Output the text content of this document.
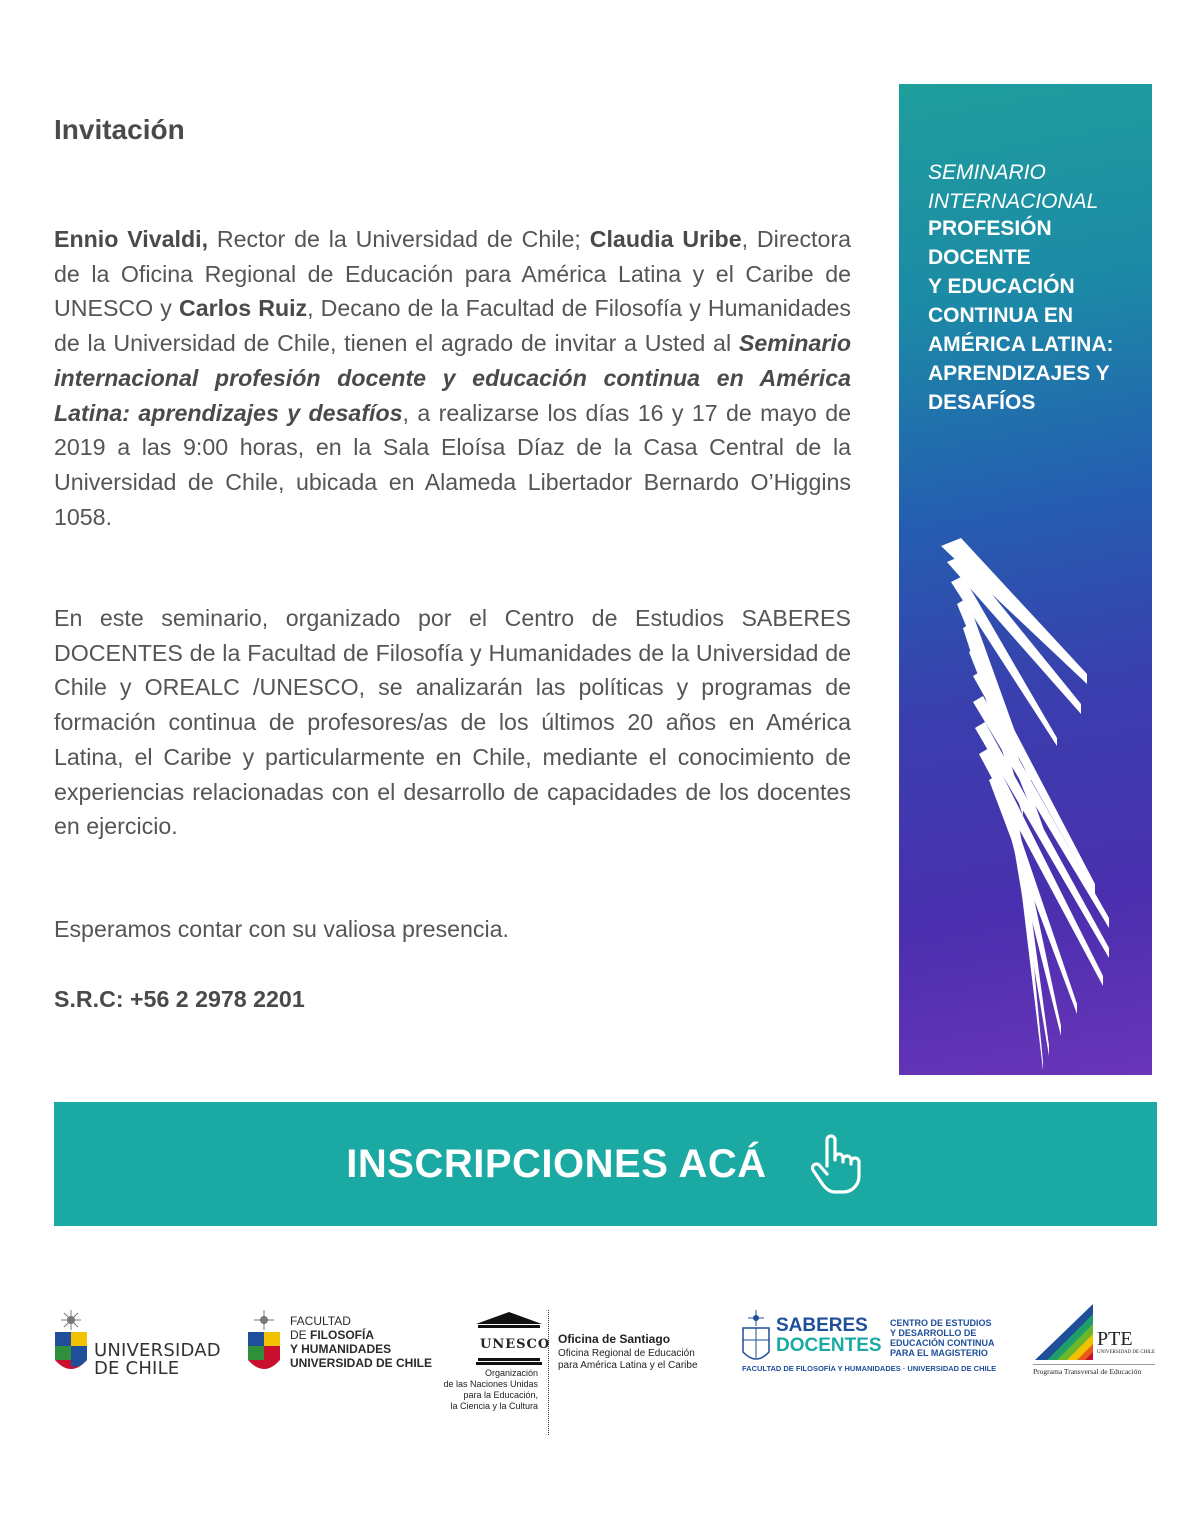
Invitación

Ennio Vivaldi, Rector de la Universidad de Chile; Claudia Uribe, Directora de la Oficina Regional de Educación para América Latina y el Caribe de UNESCO y Carlos Ruiz, Decano de la Facultad de Filosofía y Humanidades de la Universidad de Chile, tienen el agrado de invitar a Usted al Seminario internacional profesión docente y educación continua en América Latina: aprendizajes y desafíos, a realizarse los días 16 y 17 de mayo de 2019 a las 9:00 horas, en la Sala Eloísa Díaz de la Casa Central de la Universidad de Chile, ubicada en Alameda Libertador Bernardo O’Higgins 1058.

En este seminario, organizado por el Centro de Estudios SABERES DOCENTES de la Facultad de Filosofía y Humanidades de la Universidad de Chile y OREALC /UNESCO, se analizarán las políticas y programas de formación continua de profesores/as de los últimos 20 años en América Latina, el Caribe y particularmente en Chile, mediante el conocimiento de experiencias relacionadas con el desarrollo de capacidades de los docentes en ejercicio.

Esperamos contar con su valiosa presencia.

S.R.C: +56 2 2978 2201

SEMINARIO INTERNACIONAL
PROFESIÓN
DOCENTE
Y EDUCACIÓN
CONTINUA EN
AMÉRICA LATINA:
APRENDIZAJES Y
DESAFÍOS
INSCRIPCIONES ACÁ
UNIVERSIDAD
DE CHILE
FACULTAD
DE FILOSOFÍA
Y HUMANIDADES
UNIVERSIDAD DE CHILE
UNESCO
Organización
de las Naciones Unidas
para la Educación,
la Ciencia y la Cultura
Oficina de Santiago
Oficina Regional de Educación
para América Latina y el Caribe
SABERES
DOCENTES
CENTRO DE ESTUDIOS
Y DESARROLLO DE
EDUCACIÓN CONTINUA
PARA EL MAGISTERIO
FACULTAD DE FILOSOFÍA Y HUMANIDADES · UNIVERSIDAD DE CHILE
PTE
UNIVERSIDAD DE CHILE
Programa Transversal de Educación
